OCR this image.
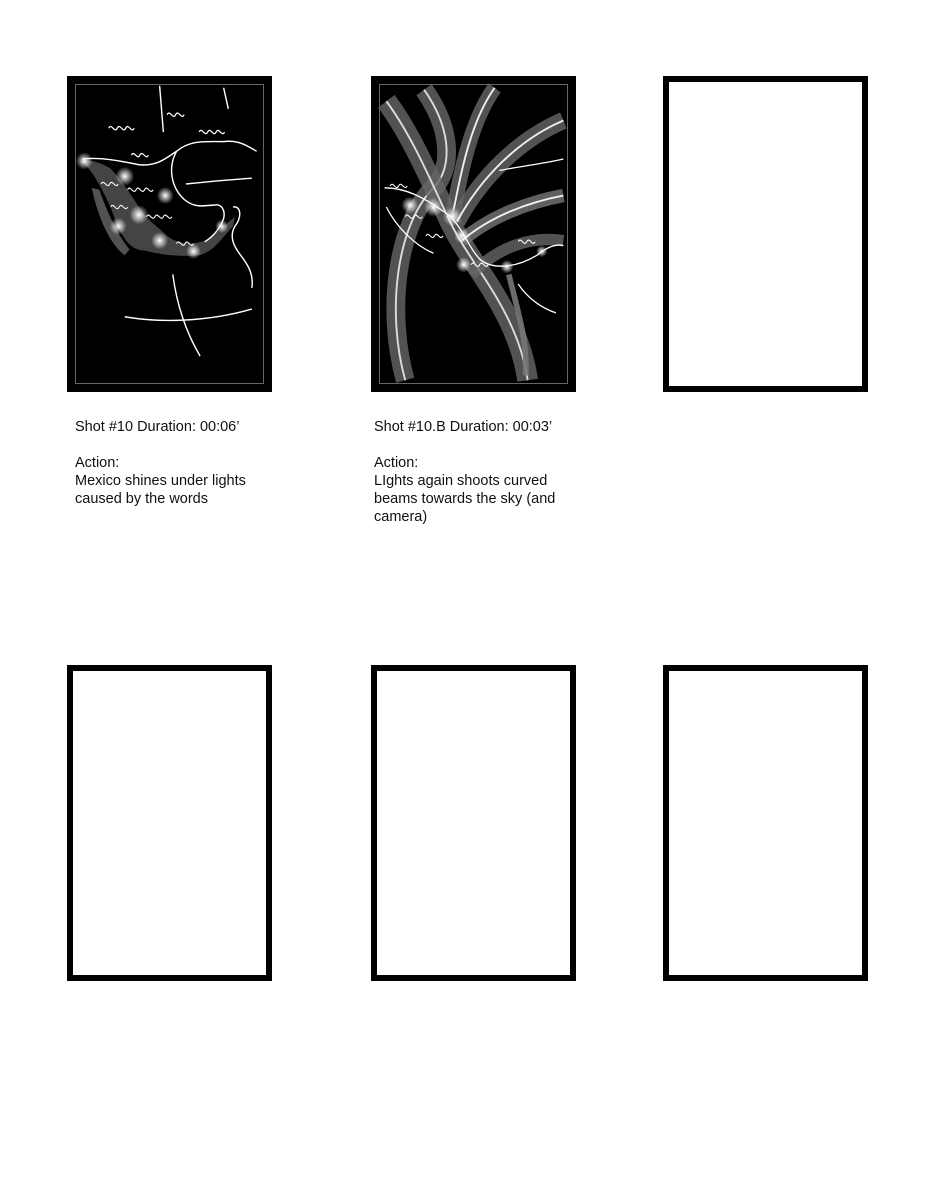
Shot #10 Duration: 00:06’

Action:

Mexico shines under lights caused by the words

Shot #10.B Duration: 00:03’

Action:

LIghts again shoots curved beams towards the sky (and camera)
